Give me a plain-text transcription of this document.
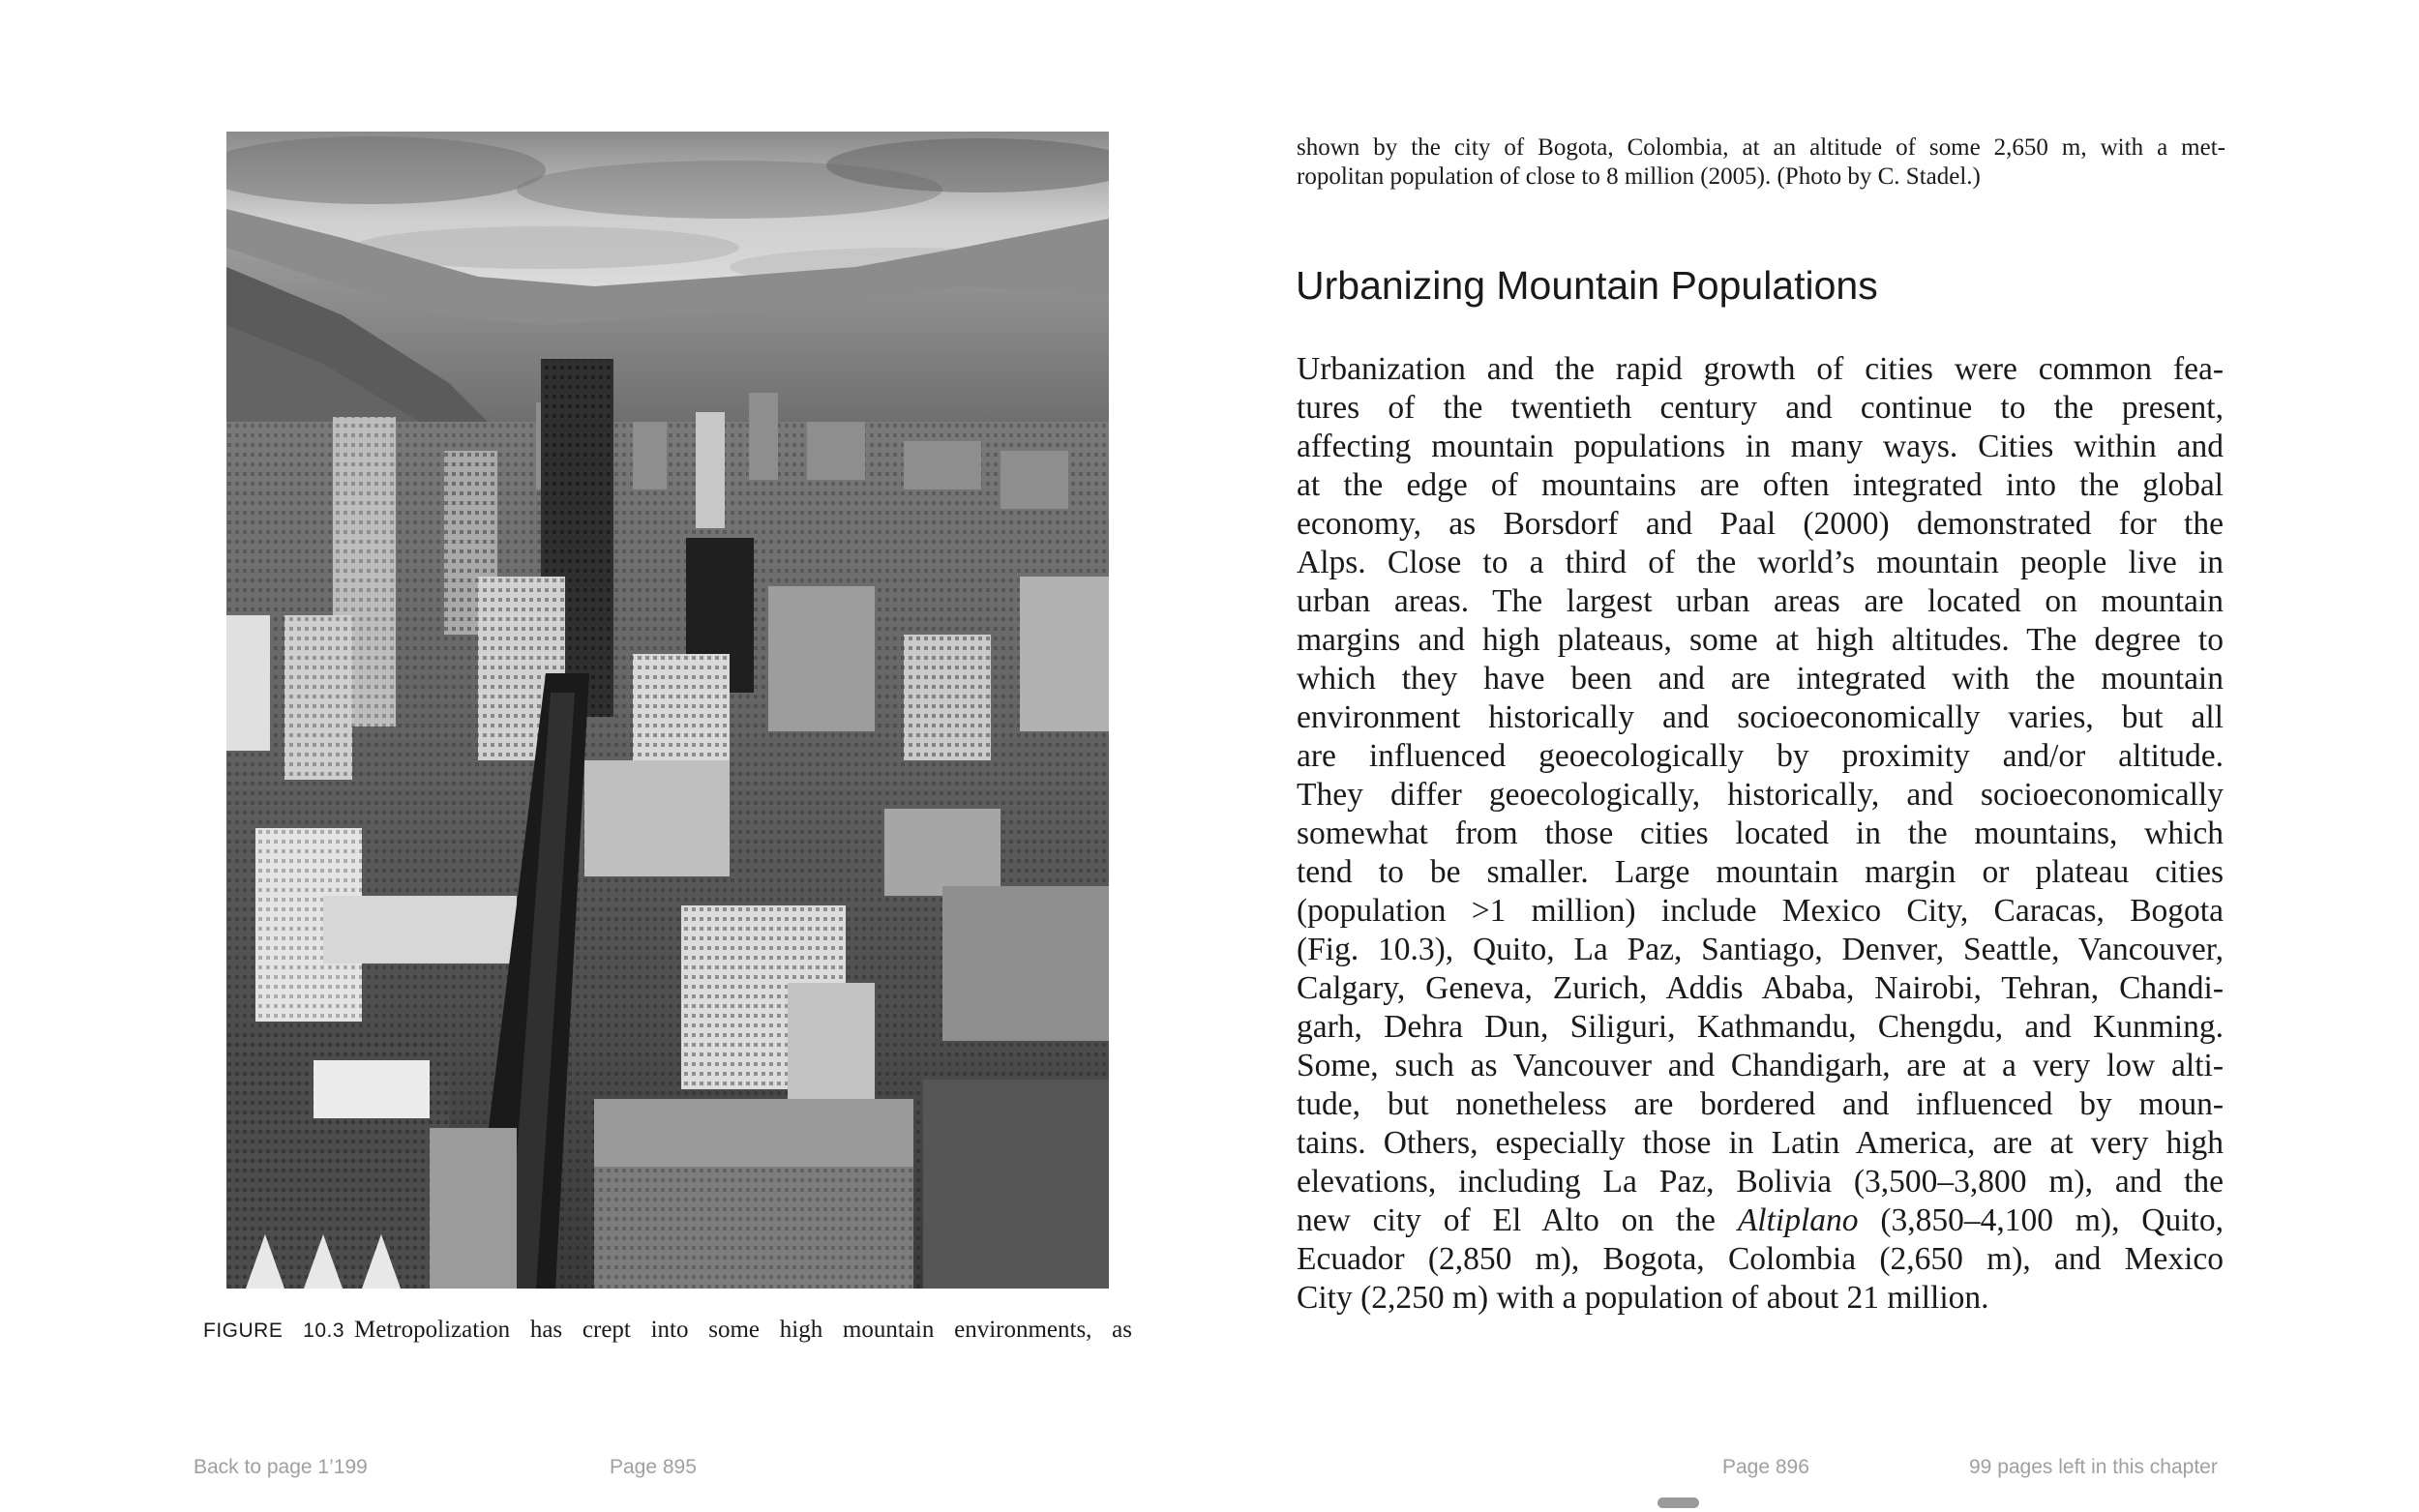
FIGURE 10.3 Metropolization has crept into some high mountain environments, as
Back to page 1’199	Page 895
shown by the city of Bogota, Colombia, at an altitude of some 2,650 m, with a met-
ropolitan population of close to 8 million (2005). (Photo by C. Stadel.)
Urbanizing Mountain Populations
Urbanization and the rapid growth of cities were common fea-
tures of the twentieth century and continue to the present,
affecting mountain populations in many ways. Cities within and
at the edge of mountains are often integrated into the global
economy, as Borsdorf and Paal (2000) demonstrated for the
Alps. Close to a third of the world’s mountain people live in
urban areas. The largest urban areas are located on mountain
margins and high plateaus, some at high altitudes. The degree to
which they have been and are integrated with the mountain
environment historically and socioeconomically varies, but all
are influenced geoecologically by proximity and/or altitude.
They differ geoecologically, historically, and socioeconomically
somewhat from those cities located in the mountains, which
tend to be smaller. Large mountain margin or plateau cities
(population >1 million) include Mexico City, Caracas, Bogota
(Fig. 10.3), Quito, La Paz, Santiago, Denver, Seattle, Vancouver,
Calgary, Geneva, Zurich, Addis Ababa, Nairobi, Tehran, Chandi-
garh, Dehra Dun, Siliguri, Kathmandu, Chengdu, and Kunming.
Some, such as Vancouver and Chandigarh, are at a very low alti-
tude, but nonetheless are bordered and influenced by moun-
tains. Others, especially those in Latin America, are at very high
elevations, including La Paz, Bolivia (3,500–3,800 m), and the
new city of El Alto on the Altiplano (3,850–4,100 m), Quito,
Ecuador (2,850 m), Bogota, Colombia (2,650 m), and Mexico
City (2,250 m) with a population of about 21 million.
Page 896	99 pages left in this chapter
